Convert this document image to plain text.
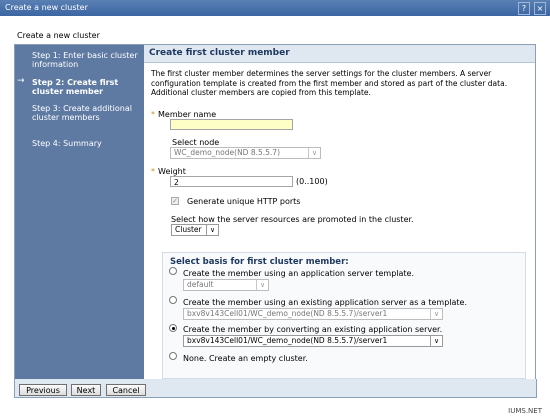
Create a new cluster	?	×
Create a new cluster
Step 1: Enter basic cluster information
→ Step 2: Create first cluster member
Step 3: Create additional cluster members
Step 4: Summary
Create first cluster member
The first cluster member determines the server settings for the cluster members. A server configuration template is created from the first member and stored as part of the cluster data. Additional cluster members are copied from this template.
* Member name
Select node
WC_demo_node(ND 8.5.5.7)	∨
* Weight
2	(0..100)
✓ Generate unique HTTP ports
Select how the server resources are promoted in the cluster.
Cluster	∨
Select basis for first cluster member:
Create the member using an application server template.
default	∨
Create the member using an existing application server as a template.
bxv8v143Cell01/WC_demo_node(ND 8.5.5.7)/server1	∨
Create the member by converting an existing application server.
bxv8v143Cell01/WC_demo_node(ND 8.5.5.7)/server1	∨
None. Create an empty cluster.
Previous	Next	Cancel
IUMS.NET
